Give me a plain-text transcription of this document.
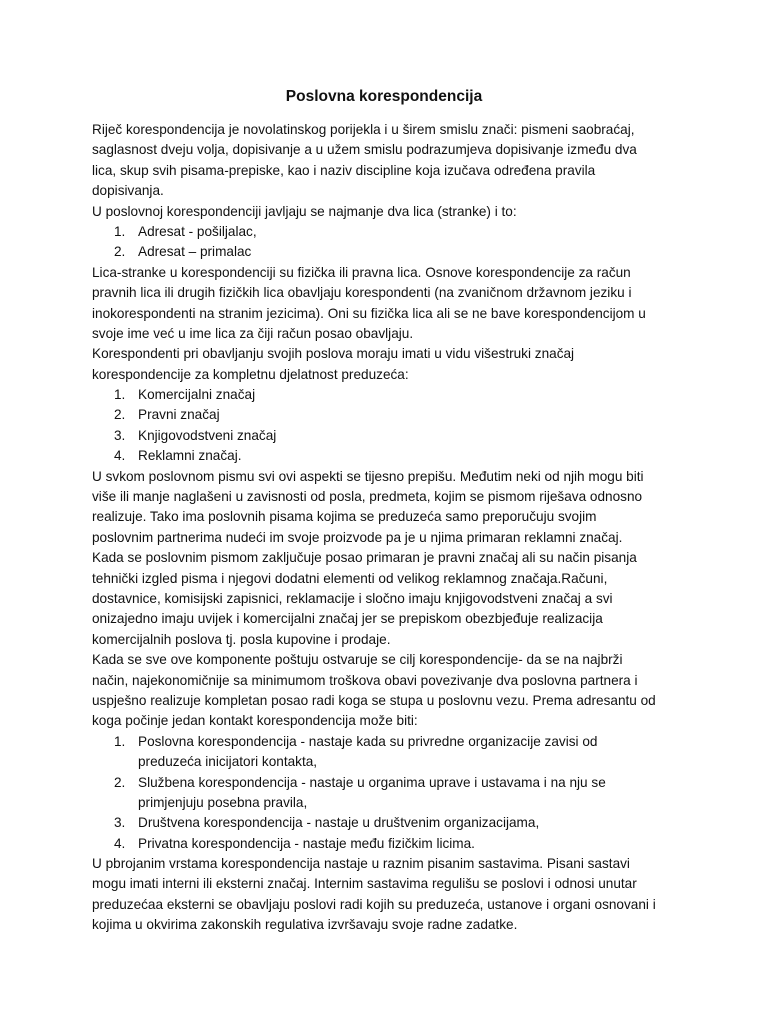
Poslovna korespondencija
Riječ korespondencija je novolatinskog porijekla i u širem smislu znači: pismeni saobraćaj,
saglasnost dveju volja, dopisivanje a u užem smislu podrazumjeva dopisivanje između dva
lica, skup svih pisama-prepiske, kao i naziv discipline koja izučava određena pravila
dopisivanja.
U poslovnoj korespondenciji javljaju se najmanje dva lica (stranke) i to:
1. Adresat - pošiljalac,
2. Adresat – primalac
Lica-stranke u korespondenciji su fizička ili pravna lica. Osnove korespondencije za račun
pravnih lica ili drugih fizičkih lica obavljaju korespondenti (na zvaničnom državnom jeziku i
inokorespondenti na stranim jezicima). Oni su fizička lica ali se ne bave korespondencijom u
svoje ime već u ime lica za čiji račun posao obavljaju.
Korespondenti pri obavljanju svojih poslova moraju imati u vidu višestruki značaj
korespondencije za kompletnu djelatnost preduzeća:
1. Komercijalni značaj
2. Pravni značaj
3. Knjigovodstveni značaj
4. Reklamni značaj.
U svkom poslovnom pismu svi ovi aspekti se tijesno prepišu. Međutim neki od njih mogu biti
više ili manje naglašeni u zavisnosti od posla, predmeta, kojim se pismom riješava odnosno
realizuje. Tako ima poslovnih pisama kojima se preduzeća samo preporučuju svojim
poslovnim partnerima nudeći im svoje proizvode pa je u njima primaran reklamni značaj.
Kada se poslovnim pismom zaključuje posao primaran je pravni značaj ali su način pisanja
tehnički izgled pisma i njegovi dodatni elementi od velikog reklamnog značaja.Računi,
dostavnice, komisijski zapisnici, reklamacije i sločno imaju knjigovodstveni značaj a svi
onizajedno imaju uvijek i komercijalni značaj jer se prepiskom obezbjeđuje realizacija
komercijalnih poslova tj. posla kupovine i prodaje.
Kada se sve ove komponente poštuju ostvaruje se cilj korespondencije- da se na najbrži
način, najekonomičnije sa minimumom troškova obavi povezivanje dva poslovna partnera i
uspješno realizuje kompletan posao radi koga se stupa u poslovnu vezu. Prema adresantu od
koga počinje jedan kontakt korespondencija može biti:
1. Poslovna korespondencija - nastaje kada su privredne organizacije zavisi od
preduzeća inicijatori kontakta,
2. Službena korespondencija - nastaje u organima uprave i ustavama i na nju se
primjenjuju posebna pravila,
3. Društvena korespondencija - nastaje u društvenim organizacijama,
4. Privatna korespondencija - nastaje među fizičkim licima.
U pbrojanim vrstama korespondencija nastaje u raznim pisanim sastavima. Pisani sastavi
mogu imati interni ili eksterni značaj. Internim sastavima regulišu se poslovi i odnosi unutar
preduzećaa eksterni se obavljaju poslovi radi kojih su preduzeća, ustanove i organi osnovani i
kojima u okvirima zakonskih regulativa izvršavaju svoje radne zadatke.
